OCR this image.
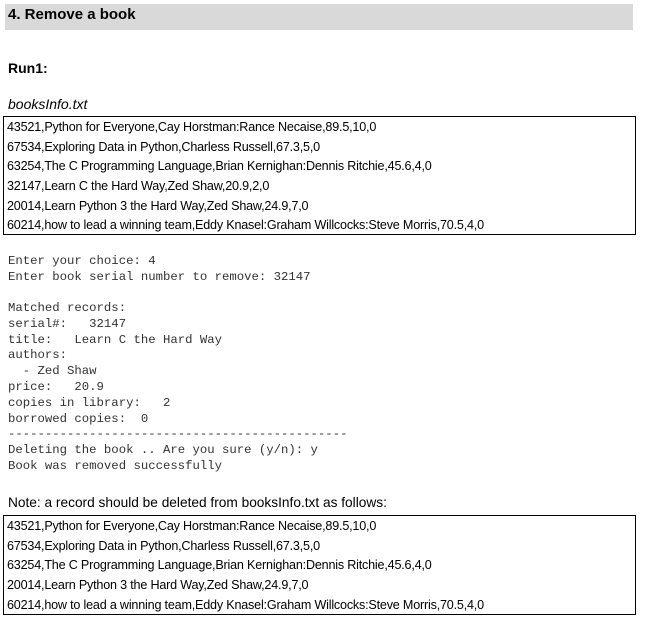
4. Remove a book
Run1:
booksInfo.txt
43521,Python for Everyone,Cay Horstman:Rance Necaise,89.5,10,0
67534,Exploring Data in Python,Charless Russell,67.3,5,0
63254,The C Programming Language,Brian Kernighan:Dennis Ritchie,45.6,4,0
32147,Learn C the Hard Way,Zed Shaw,20.9,2,0
20014,Learn Python 3 the Hard Way,Zed Shaw,24.9,7,0
60214,how to lead a winning team,Eddy Knasel:Graham Willcocks:Steve Morris,70.5,4,0
Enter your choice: 4
Enter book serial number to remove: 32147
Matched records:
serial#:   32147
title:   Learn C the Hard Way
authors:
- Zed Shaw
price:   20.9
copies in library:   2
borrowed copies:  0
----------------------------------------------
Deleting the book .. Are you sure (y/n): y
Book was removed successfully
Note: a record should be deleted from booksInfo.txt as follows:
43521,Python for Everyone,Cay Horstman:Rance Necaise,89.5,10,0
67534,Exploring Data in Python,Charless Russell,67.3,5,0
63254,The C Programming Language,Brian Kernighan:Dennis Ritchie,45.6,4,0
20014,Learn Python 3 the Hard Way,Zed Shaw,24.9,7,0
60214,how to lead a winning team,Eddy Knasel:Graham Willcocks:Steve Morris,70.5,4,0
